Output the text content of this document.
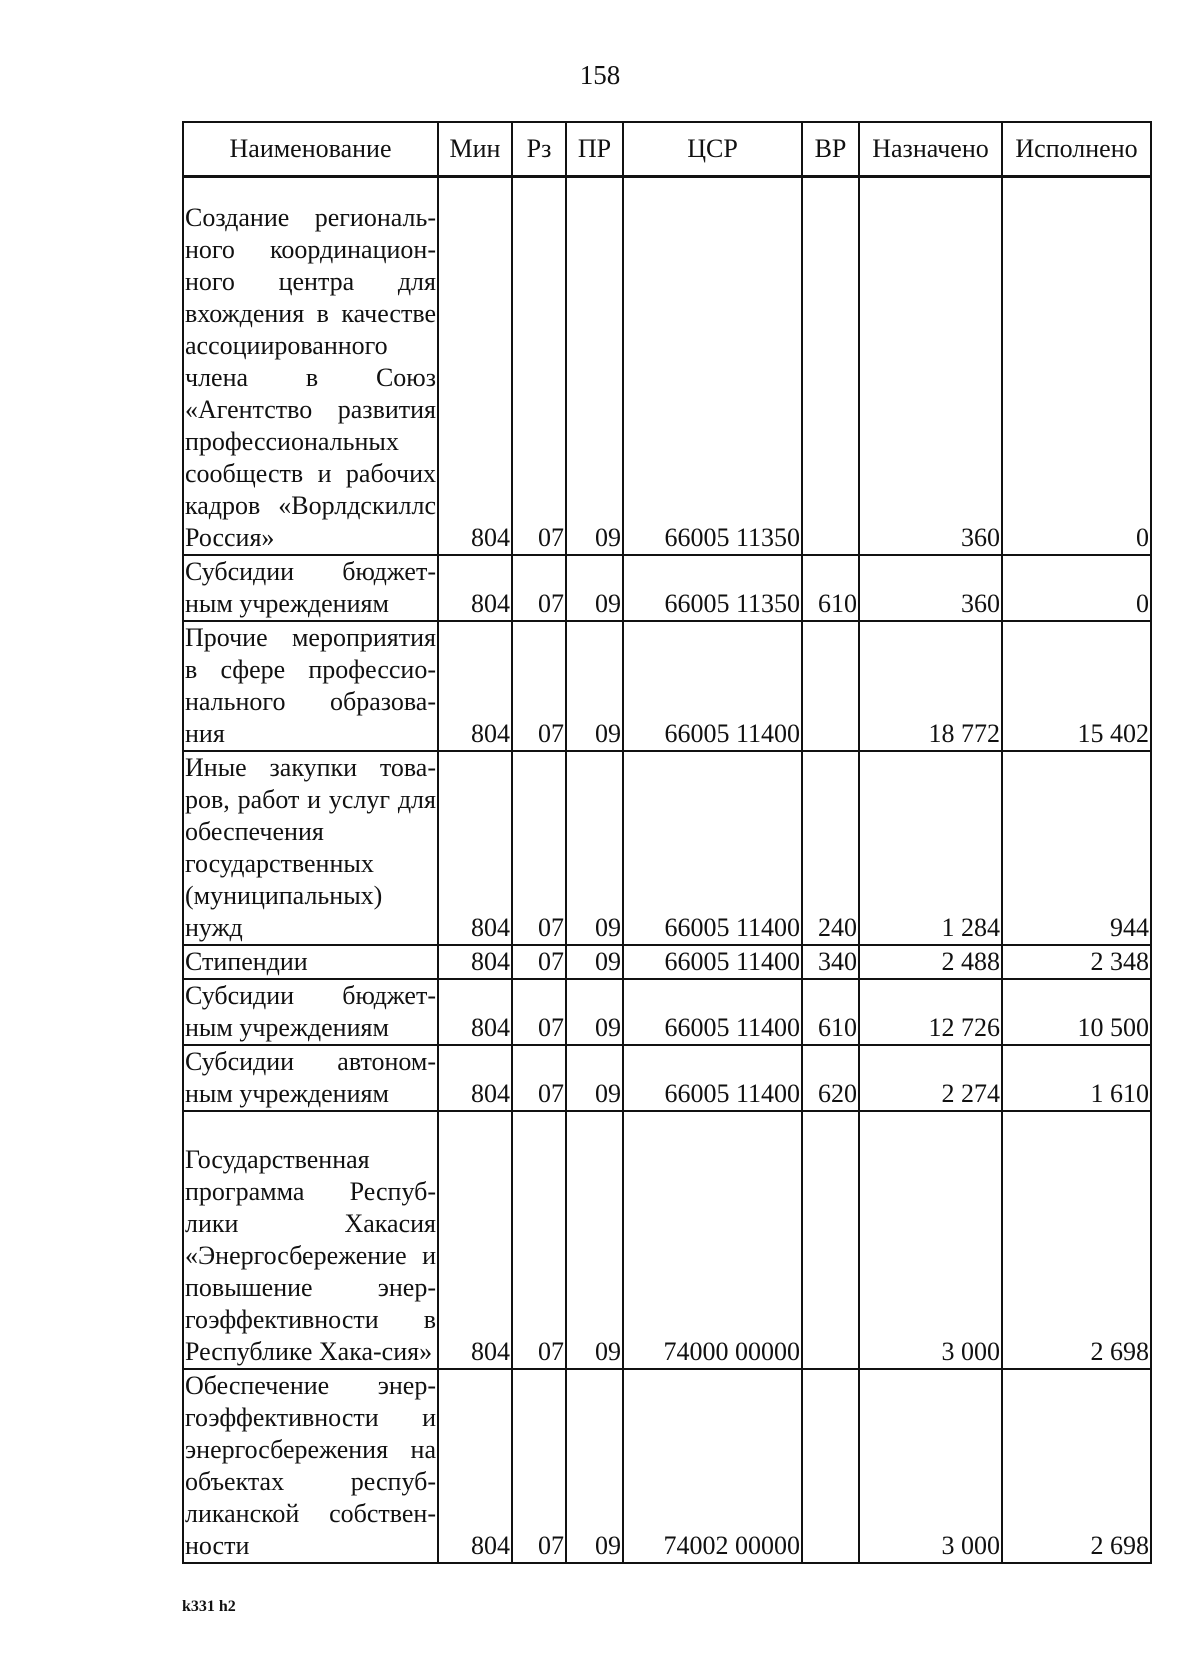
158
Наименование	Мин	Рз	ПР	ЦСР	ВР	Назначено	Исполнено
Создание региональ-ного координацион-ного центра для вхождения в качестве ассоциированного члена в Союз «Агентство развития профессиональных сообществ и рабочих кадров «Ворлдскиллс Россия»	804	07	09	66005 11350		360	0
Субсидии бюджет-ным учреждениям	804	07	09	66005 11350	610	360	0
Прочие мероприятия в сфере профессио-нального образова-ния	804	07	09	66005 11400		18 772	15 402
Иные закупки това-ров, работ и услуг для обеспечения государственных (муниципальных) нужд	804	07	09	66005 11400	240	1 284	944
Стипендии	804	07	09	66005 11400	340	2 488	2 348
Субсидии бюджет-ным учреждениям	804	07	09	66005 11400	610	12 726	10 500
Субсидии автоном-ным учреждениям	804	07	09	66005 11400	620	2 274	1 610
Государственная программа Респуб-лики Хакасия «Энергосбережение и повышение энер-гоэффективности в Республике Хака-сия»	804	07	09	74000 00000		3 000	2 698
Обеспечение энер-гоэффективности и энергосбережения на объектах респуб-ликанской собствен-ности	804	07	09	74002 00000		3 000	2 698
k331 h2
